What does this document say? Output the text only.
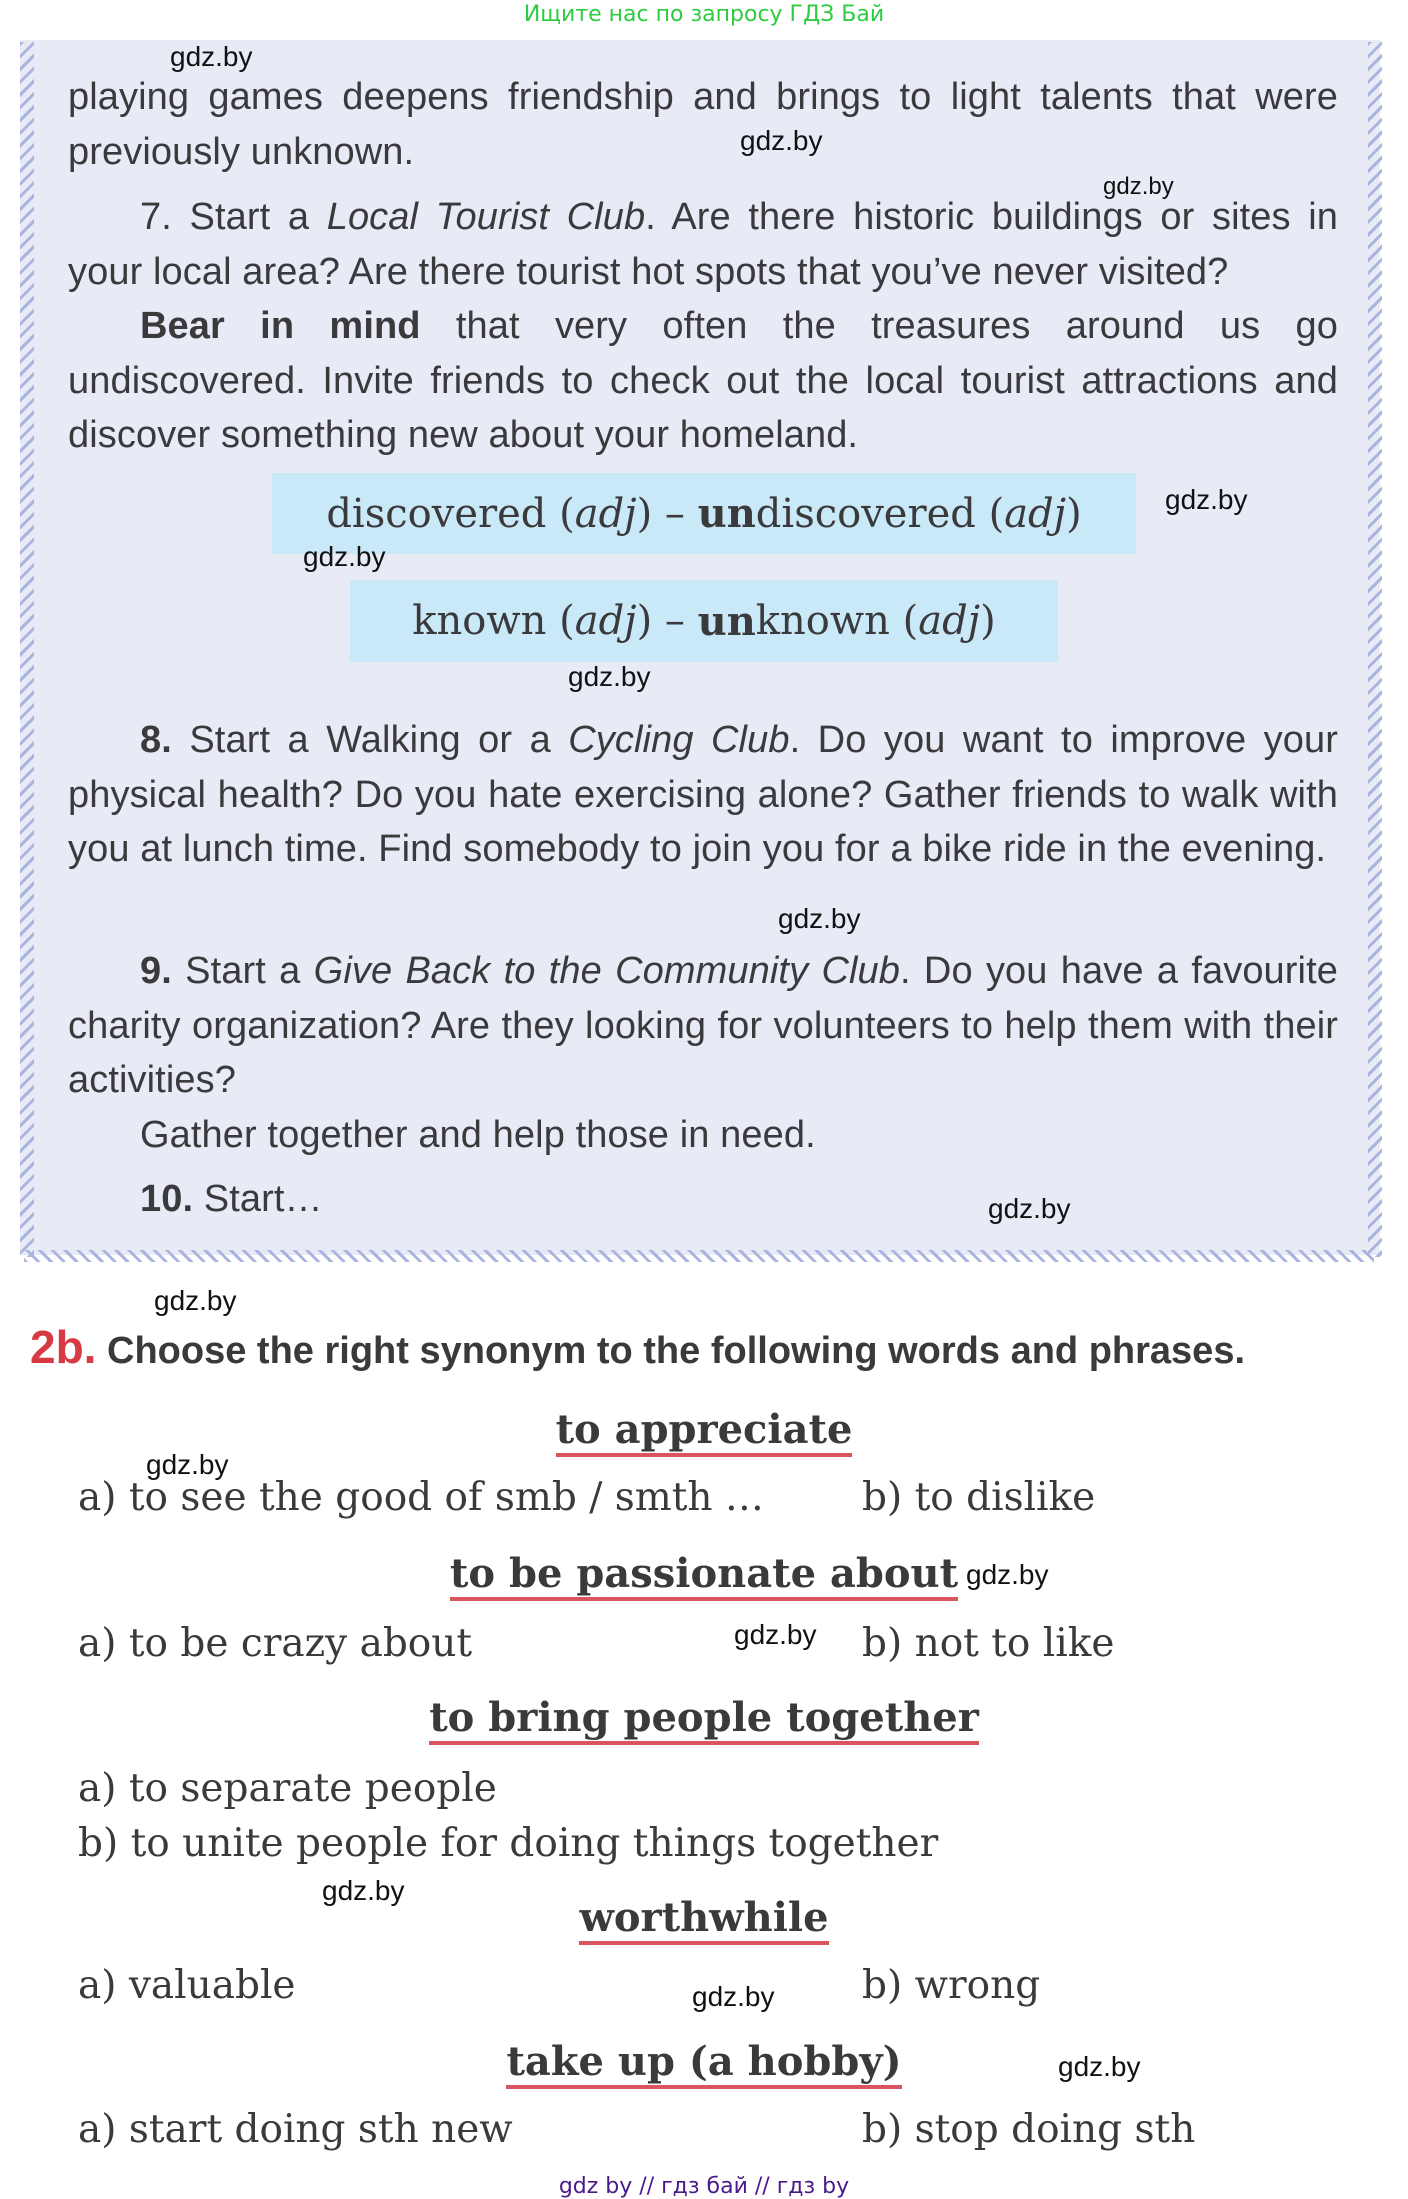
Ищите нас по запросу ГДЗ Бай
gdz.by
gdz.by
gdz.by
playing games deepens friendship and brings to light talents that were previously unknown.
7. Start a Local Tourist Club. Are there historic buildings or sites in your local area? Are there tourist hot spots that you’ve never visited?
Bear in mind that very often the treasures around us go undiscovered. Invite friends to check out the local tourist attractions and discover something new about your homeland.
discovered ( adj ) –
un discovered ( adj )	gdz.by
gdz.by
known ( adj ) –
un known ( adj )
gdz.by
8. Start a Walking or a Cycling Club. Do you want to improve your physical health? Do you hate exercising alone? Gather friends to walk with you at lunch time. Find somebody to join you for a bike ride in the evening.
gdz.by
9. Start a Give Back to the Community Club. Do you have a favourite charity organization? Are they looking for volunteers to help them with their activities?
Gather together and help those in need.
10. Start…	gdz.by
gdz.by
2b. Choose the right synonym to the following words and phrases.
to appreciate
gdz.by
a) to see the good of smb / smth …	b) to dislike
to be passionate about gdz.by
gdz.by
a) to be crazy about	b) not to like
to bring people together
a) to separate people
b) to unite people for doing things together
gdz.by
worthwhile
a) valuable	gdz.by b) wrong
take up (a hobby)	gdz.by
a) start doing sth new	b) stop doing sth
gdz by // гдз бай // гдз by
